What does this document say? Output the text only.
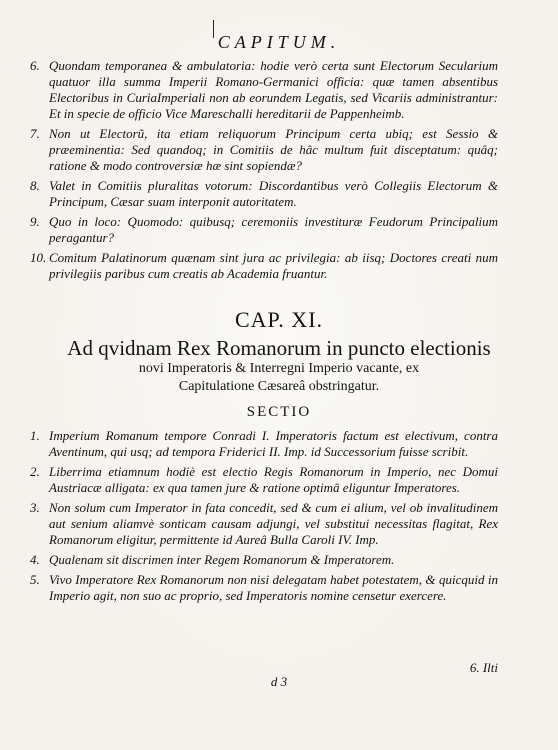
CAPITUM.
6. Quondam temporanea & ambulatoria: hodie verò certa sunt Electorum Secularium quatuor illa summa Imperii Romano-Germanici officia: quæ tamen absentibus Electoribus in CuriaImperiali non ab eorundem Legatis, sed Vicariis administrantur: Et in specie de officio Vice Mareschalli hereditarii de Pappenheimb.
7. Non ut Electorũ, ita etiam reliquorum Principum certa ubiq; est Sessio & præeminentia: Sed quandoq; in Comitiis de hâc multum fuit disceptatum: quâq; ratione & modo controversiæ hæ sint sopiendæ?
8. Valet in Comitiis pluralitas votorum: Discordantibus verò Collegiis Electorum & Principum, Cæsar suam interponit autoritatem.
9. Quo in loco: Quomodo: quibusq; ceremoniis investituræ Feudorum Principalium peragantur?
10. Comitum Palatinorum quænam sint jura ac privilegia: ab iisq; Doctores creati num privilegiis paribus cum creatis ab Academia fruantur.
CAP. XI.
Ad qvidnam Rex Romanorum in puncto electionis
novi Imperatoris & Interregni Imperio vacante, ex Capitulatione Cæsareâ obstringatur.
SECTIO
1. Imperium Romanum tempore Conradi I. Imperatoris factum est electivum, contra Aventinum, qui usq; ad tempora Friderici II. Imp. id Successorium fuisse scribit.
2. Liberrima etiamnum hodiè est electio Regis Romanorum in Imperio, nec Domui Austriacæ alligata: ex qua tamen jure & ratione optimâ eliguntur Imperatores.
3. Non solum cum Imperator in fata concedit, sed & cum ei alium, vel ob invalitudinem aut senium aliamvè sonticam causam adjungi, vel substitui necessitas flagitat, Rex Romanorum eligitur, permittente id Aureâ Bulla Caroli IV. Imp.
4. Qualenam sit discrimen inter Regem Romanorum & Imperatorem.
5. Vivo Imperatore Rex Romanorum non nisi delegatam habet potestatem, & quicquid in Imperio agit, non suo ac proprio, sed Imperatoris nomine censetur exercere.
6. Ilti
d 3
